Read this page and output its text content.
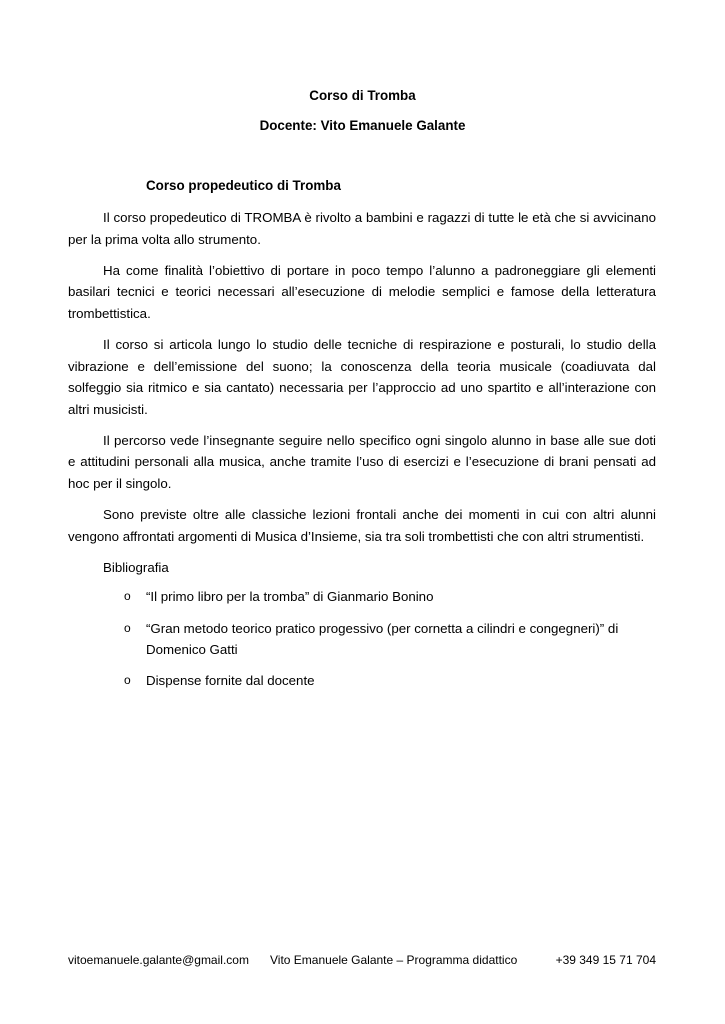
Corso di Tromba
Docente: Vito Emanuele Galante
Corso propedeutico di Tromba

Il corso propedeutico di TROMBA è rivolto a bambini e ragazzi di tutte le età che si avvicinano per la prima volta allo strumento.

Ha come finalità l’obiettivo di portare in poco tempo l’alunno a padroneggiare gli elementi basilari tecnici e teorici necessari all’esecuzione di melodie semplici e famose della letteratura trombettistica.

Il corso si articola lungo lo studio delle tecniche di respirazione e posturali, lo studio della vibrazione e dell’emissione del suono; la conoscenza della teoria musicale (coadiuvata dal solfeggio sia ritmico e sia cantato) necessaria per l’approccio ad uno spartito e all’interazione con altri musicisti.

Il percorso vede l’insegnante seguire nello specifico ogni singolo alunno in base alle sue doti e attitudini personali alla musica, anche tramite l’uso di esercizi e l’esecuzione di brani pensati ad hoc per il singolo.

Sono previste oltre alle classiche lezioni frontali anche dei momenti in cui con altri alunni vengono affrontati argomenti di Musica d’Insieme, sia tra soli trombettisti che con altri strumentisti.

Bibliografia

o “Il primo libro per la tromba” di Gianmario Bonino
o “Gran metodo teorico pratico progessivo (per cornetta a cilindri e congegneri)” di Domenico Gatti
o Dispense fornite dal docente
vitoemanuele.galante@gmail.com Vito Emanuele Galante – Programma didattico	+39 349 15 71 704
